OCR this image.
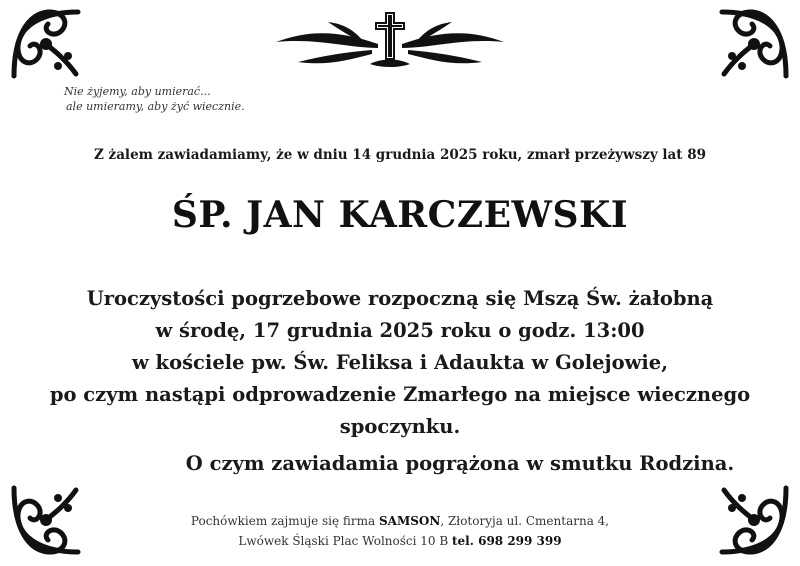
Nie żyjemy, aby umierać...
ale umieramy, aby żyć wiecznie.
Z żalem zawiadamiamy, że w dniu 14 grudnia 2025 roku, zmarł przeżywszy lat 89
ŚP. JAN KARCZEWSKI
Uroczystości pogrzebowe rozpoczną się Mszą Św. żałobną
w środę, 17 grudnia 2025 roku o godz. 13:00
w kościele pw. Św. Feliksa i Adaukta w Golejowie,
po czym nastąpi odprowadzenie Zmarłego na miejsce wiecznego
spoczynku.
O czym zawiadamia pogrążona w smutku Rodzina.
Pochówkiem zajmuje się firma SAMSON, Złotoryja ul. Cmentarna 4,
Lwówek Śląski Plac Wolności 10 B tel. 698 299 399
